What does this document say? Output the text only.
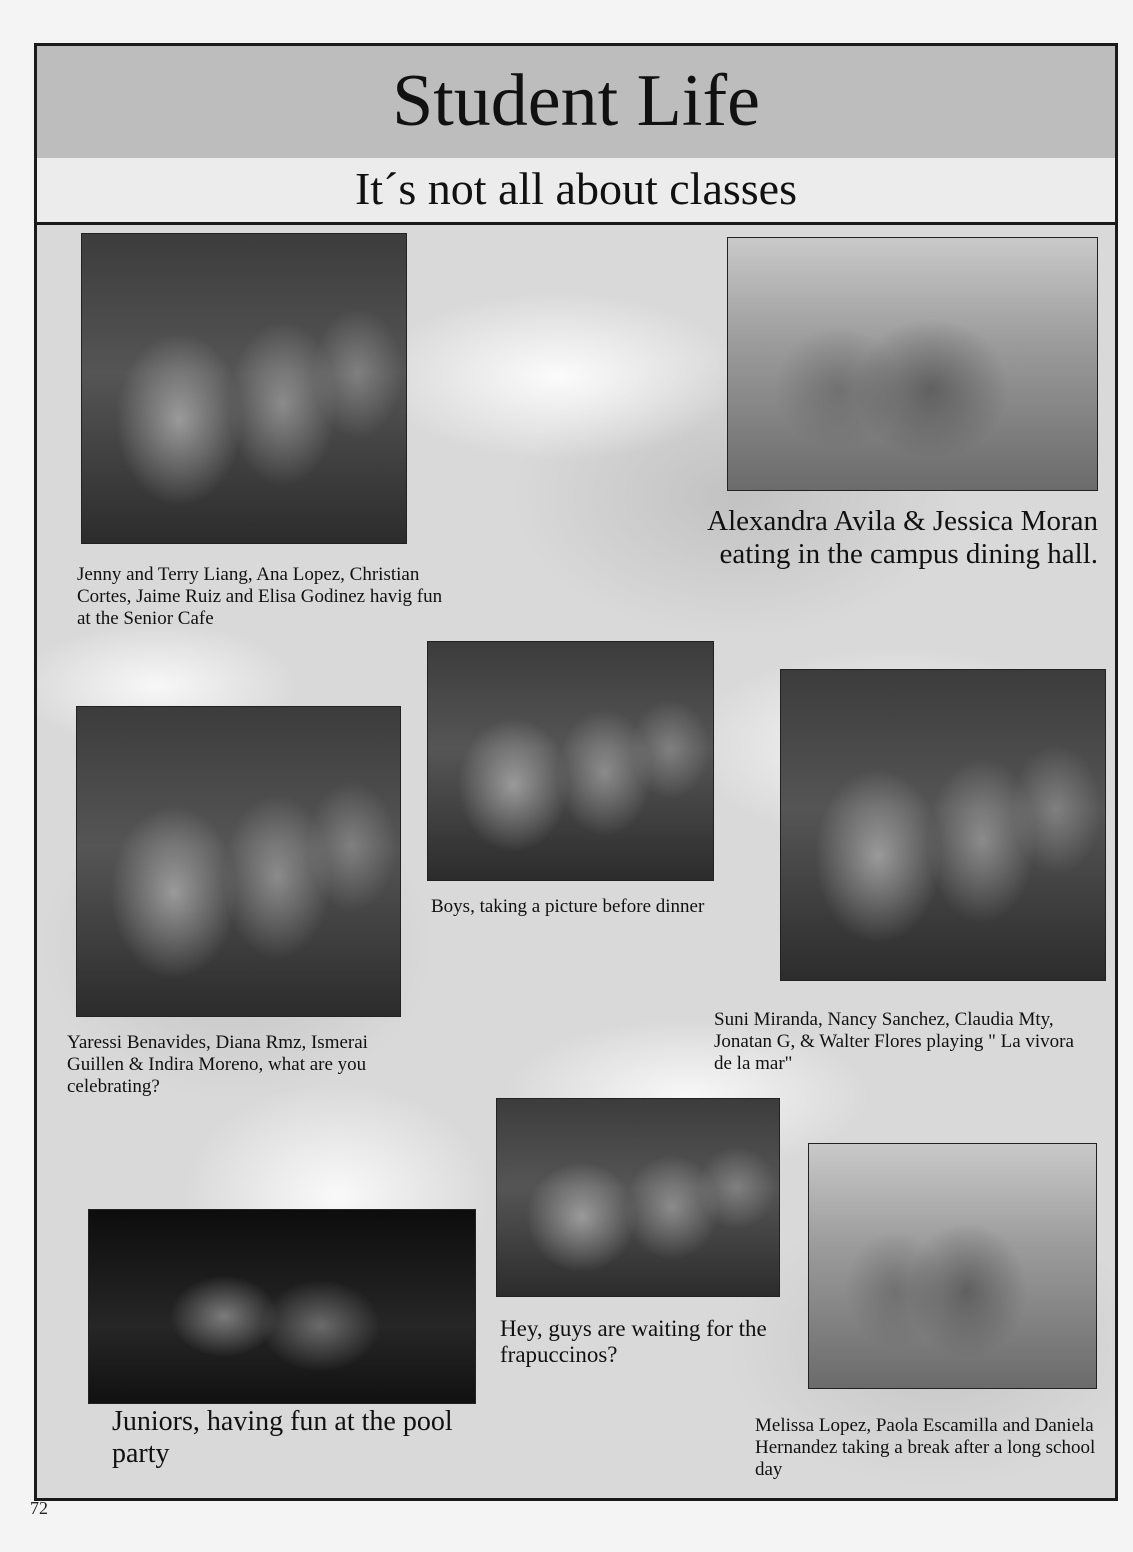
Student Life
It´s not all about classes
Jenny and Terry Liang, Ana Lopez, Christian Cortes, Jaime Ruiz and Elisa Godinez havig fun at the Senior Cafe
Alexandra Avila & Jessica Moran eating in the campus dining hall.
Boys, taking a picture before dinner
Yaressi Benavides, Diana Rmz, Ismerai Guillen & Indira Moreno, what are you celebrating?
Suni Miranda, Nancy Sanchez, Claudia Mty, Jonatan G, & Walter Flores playing " La vivora de la mar"
Hey, guys are waiting for the frapuccinos?
Juniors, having fun at the pool party
Melissa Lopez, Paola Escamilla and Daniela Hernandez taking a break after a long school day
72
